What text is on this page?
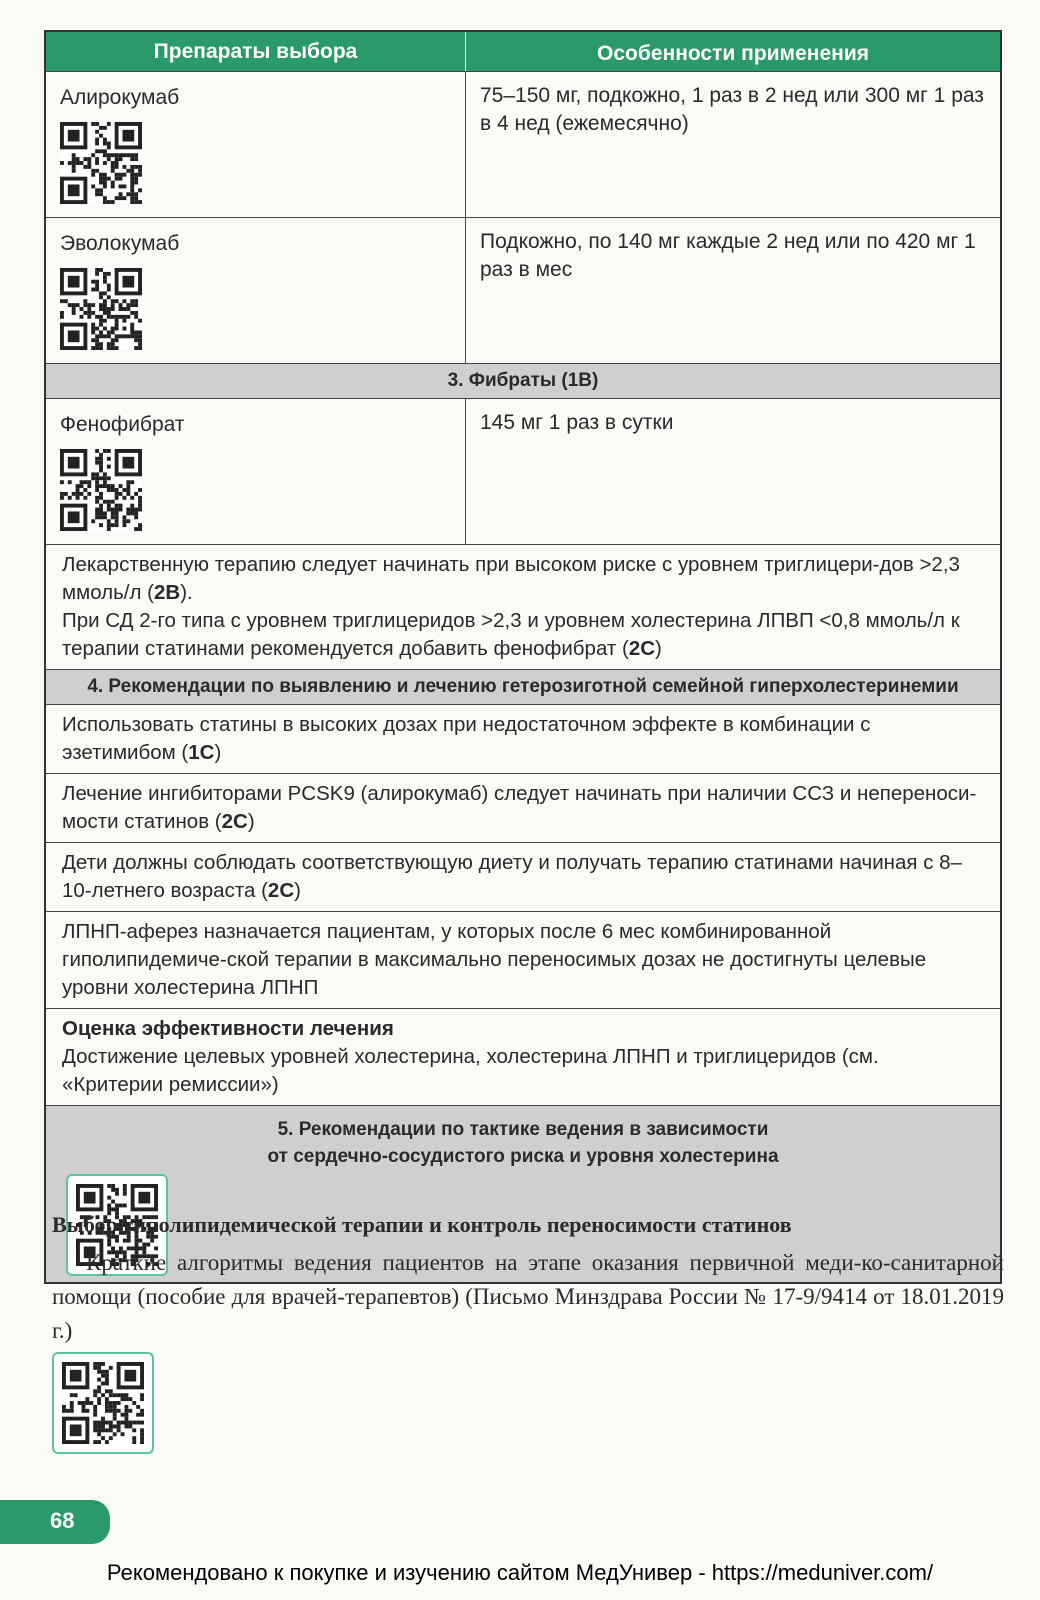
Препараты выбора	Особенности применения
Алирокумаб	75–150 мг, подкожно, 1 раз в 2 нед или 300 мг 1 раз в 4 нед (ежемесячно)
Эволокумаб	Подкожно, по 140 мг каждые 2 нед или по 420 мг 1 раз в мес
3. Фибраты (1В)
Фенофибрат	145 мг 1 раз в сутки
Лекарственную терапию следует начинать при высоком риске с уровнем триглицери-дов >2,3 ммоль/л (2В).
При СД 2-го типа с уровнем триглицеридов >2,3 и уровнем холестерина ЛПВП <0,8 ммоль/л к терапии статинами рекомендуется добавить фенофибрат (2С)
4. Рекомендации по выявлению и лечению гетерозиготной семейной гиперхолестеринемии
Использовать статины в высоких дозах при недостаточном эффекте в комбинации с эзетимибом (1С)
Лечение ингибиторами PCSK9 (алирокумаб) следует начинать при наличии ССЗ и непереноси-мости статинов (2С)
Дети должны соблюдать соответствующую диету и получать терапию статинами начиная с 8–10-летнего возраста (2С)
ЛПНП-аферез назначается пациентам, у которых после 6 мес комбинированной гиполипидемиче-ской терапии в максимально переносимых дозах не достигнуты целевые уровни холестерина ЛПНП
Оценка эффективности лечения
Достижение целевых уровней холестерина, холестерина ЛПНП и триглицеридов (см. «Критерии ремиссии»)
5. Рекомендации по тактике ведения в зависимости
от сердечно-сосудистого риска и уровня холестерина
Выбор гиполипидемической терапии и контроль переносимости статинов
Краткие алгоритмы ведения пациентов на этапе оказания первичной меди-ко-санитарной помощи (пособие для врачей-терапевтов) (Письмо Минздрава России № 17-9/9414 от 18.01.2019 г.)
68
Рекомендовано к покупке и изучению сайтом МедУнивер - https://meduniver.com/
